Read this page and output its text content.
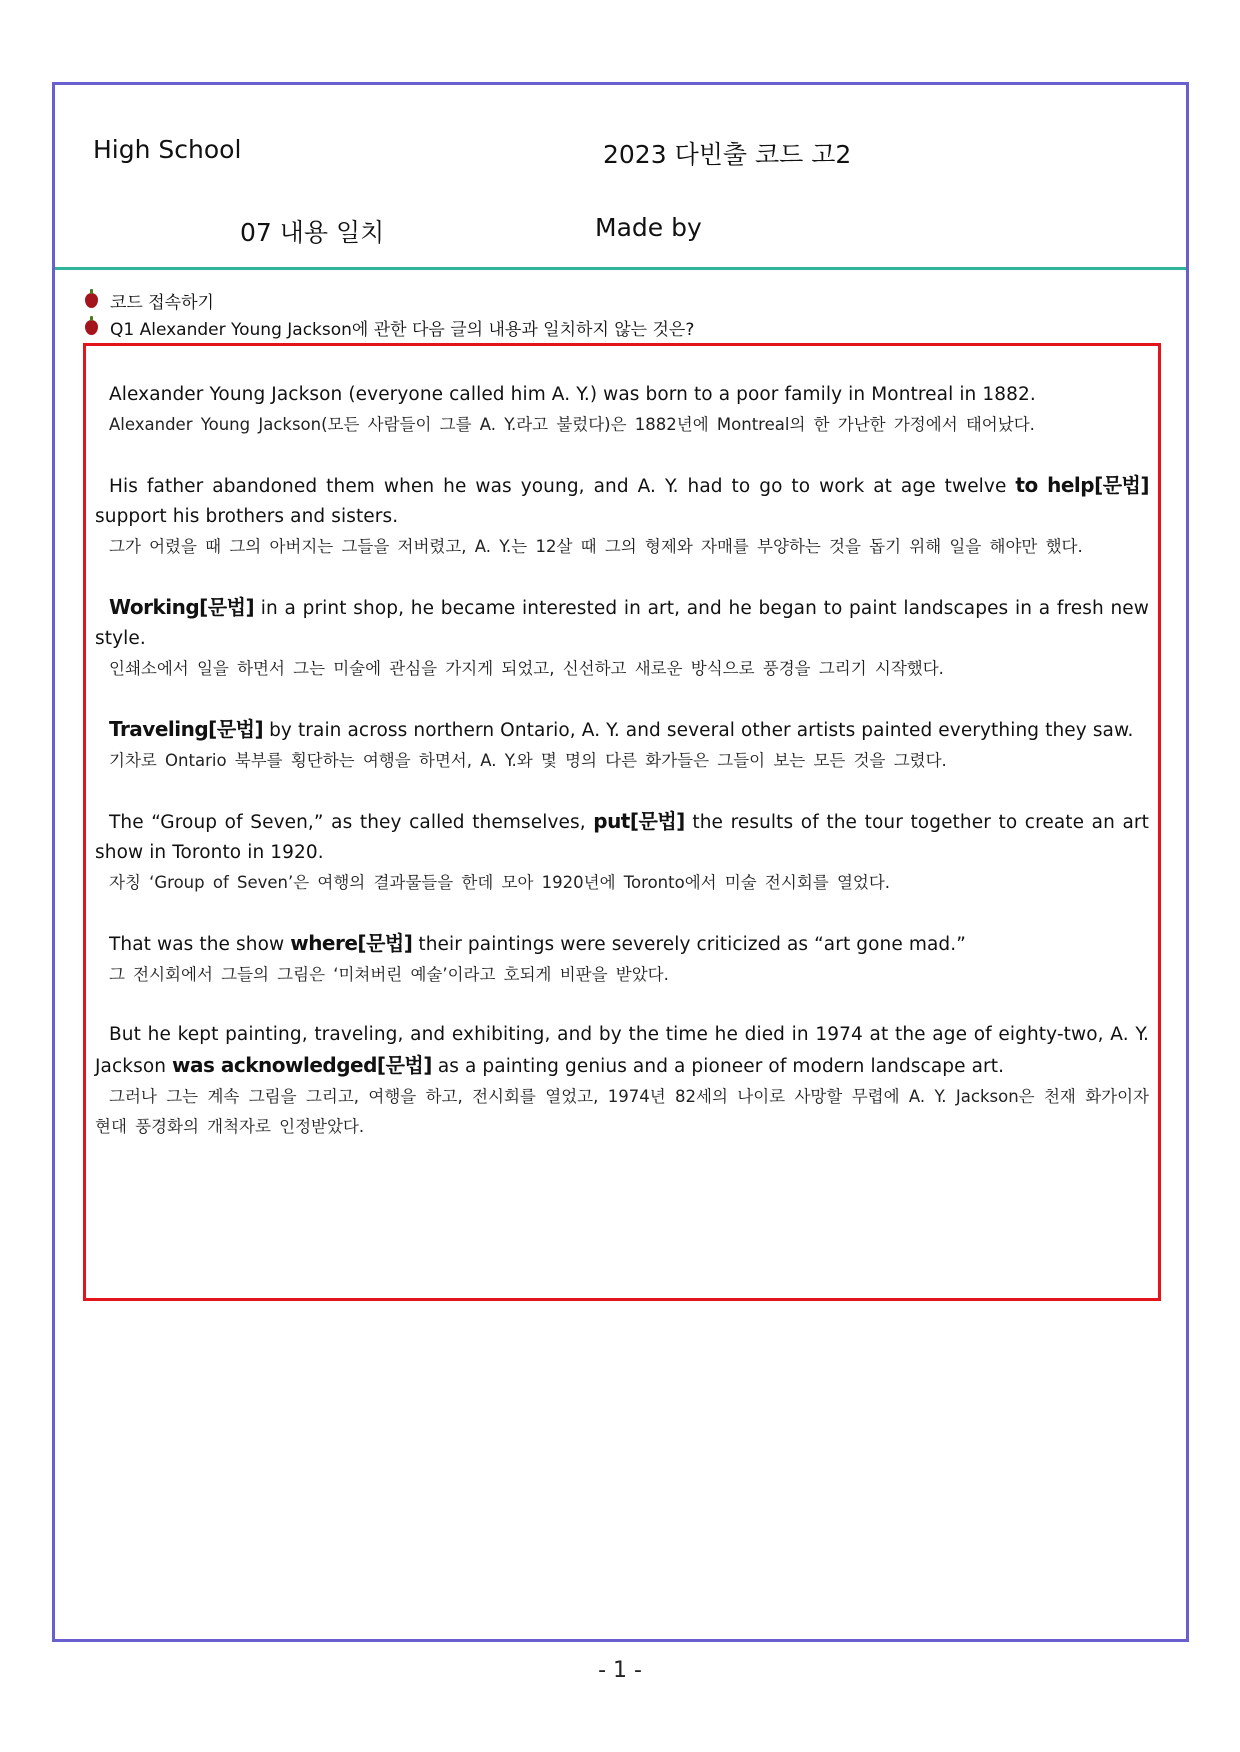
High School	2023 다빈출 코드 고2
07 내용 일치	Made by
코드 접속하기
Q1 Alexander Young Jackson에 관한 다음 글의 내용과 일치하지 않는 것은?

Alexander Young Jackson (everyone called him A. Y.) was born to a poor family in Montreal in 1882.

Alexander Young Jackson(모든 사람들이 그를 A. Y.라고 불렀다)은 1882년에 Montreal의 한 가난한 가정에서 태어났다.

His father abandoned them when he was young, and A. Y. had to go to work at age twelve to help[문법] support his brothers and sisters.

그가 어렸을 때 그의 아버지는 그들을 저버렸고, A. Y.는 12살 때 그의 형제와 자매를 부양하는 것을 돕기 위해 일을 해야만 했다.

Working[문법] in a print shop, he became interested in art, and he began to paint landscapes in a fresh new style.

인쇄소에서 일을 하면서 그는 미술에 관심을 가지게 되었고, 신선하고 새로운 방식으로 풍경을 그리기 시작했다.

Traveling[문법] by train across northern Ontario, A. Y. and several other artists painted everything they saw.

기차로 Ontario 북부를 횡단하는 여행을 하면서, A. Y.와 몇 명의 다른 화가들은 그들이 보는 모든 것을 그렸다.

The “Group of Seven,” as they called themselves, put[문법] the results of the tour together to create an art show in Toronto in 1920.

자칭 ‘Group of Seven’은 여행의 결과물들을 한데 모아 1920년에 Toronto에서 미술 전시회를 열었다.

That was the show where[문법] their paintings were severely criticized as “art gone mad.”

그 전시회에서 그들의 그림은 ‘미쳐버린 예술’이라고 호되게 비판을 받았다.

But he kept painting, traveling, and exhibiting, and by the time he died in 1974 at the age of eighty-two, A. Y. Jackson was acknowledged[문법] as a painting genius and a pioneer of modern landscape art.

그러나 그는 계속 그림을 그리고, 여행을 하고, 전시회를 열었고, 1974년 82세의 나이로 사망할 무렵에 A. Y. Jackson은 천재 화가이자 현대 풍경화의 개척자로 인정받았다.

- 1 -
